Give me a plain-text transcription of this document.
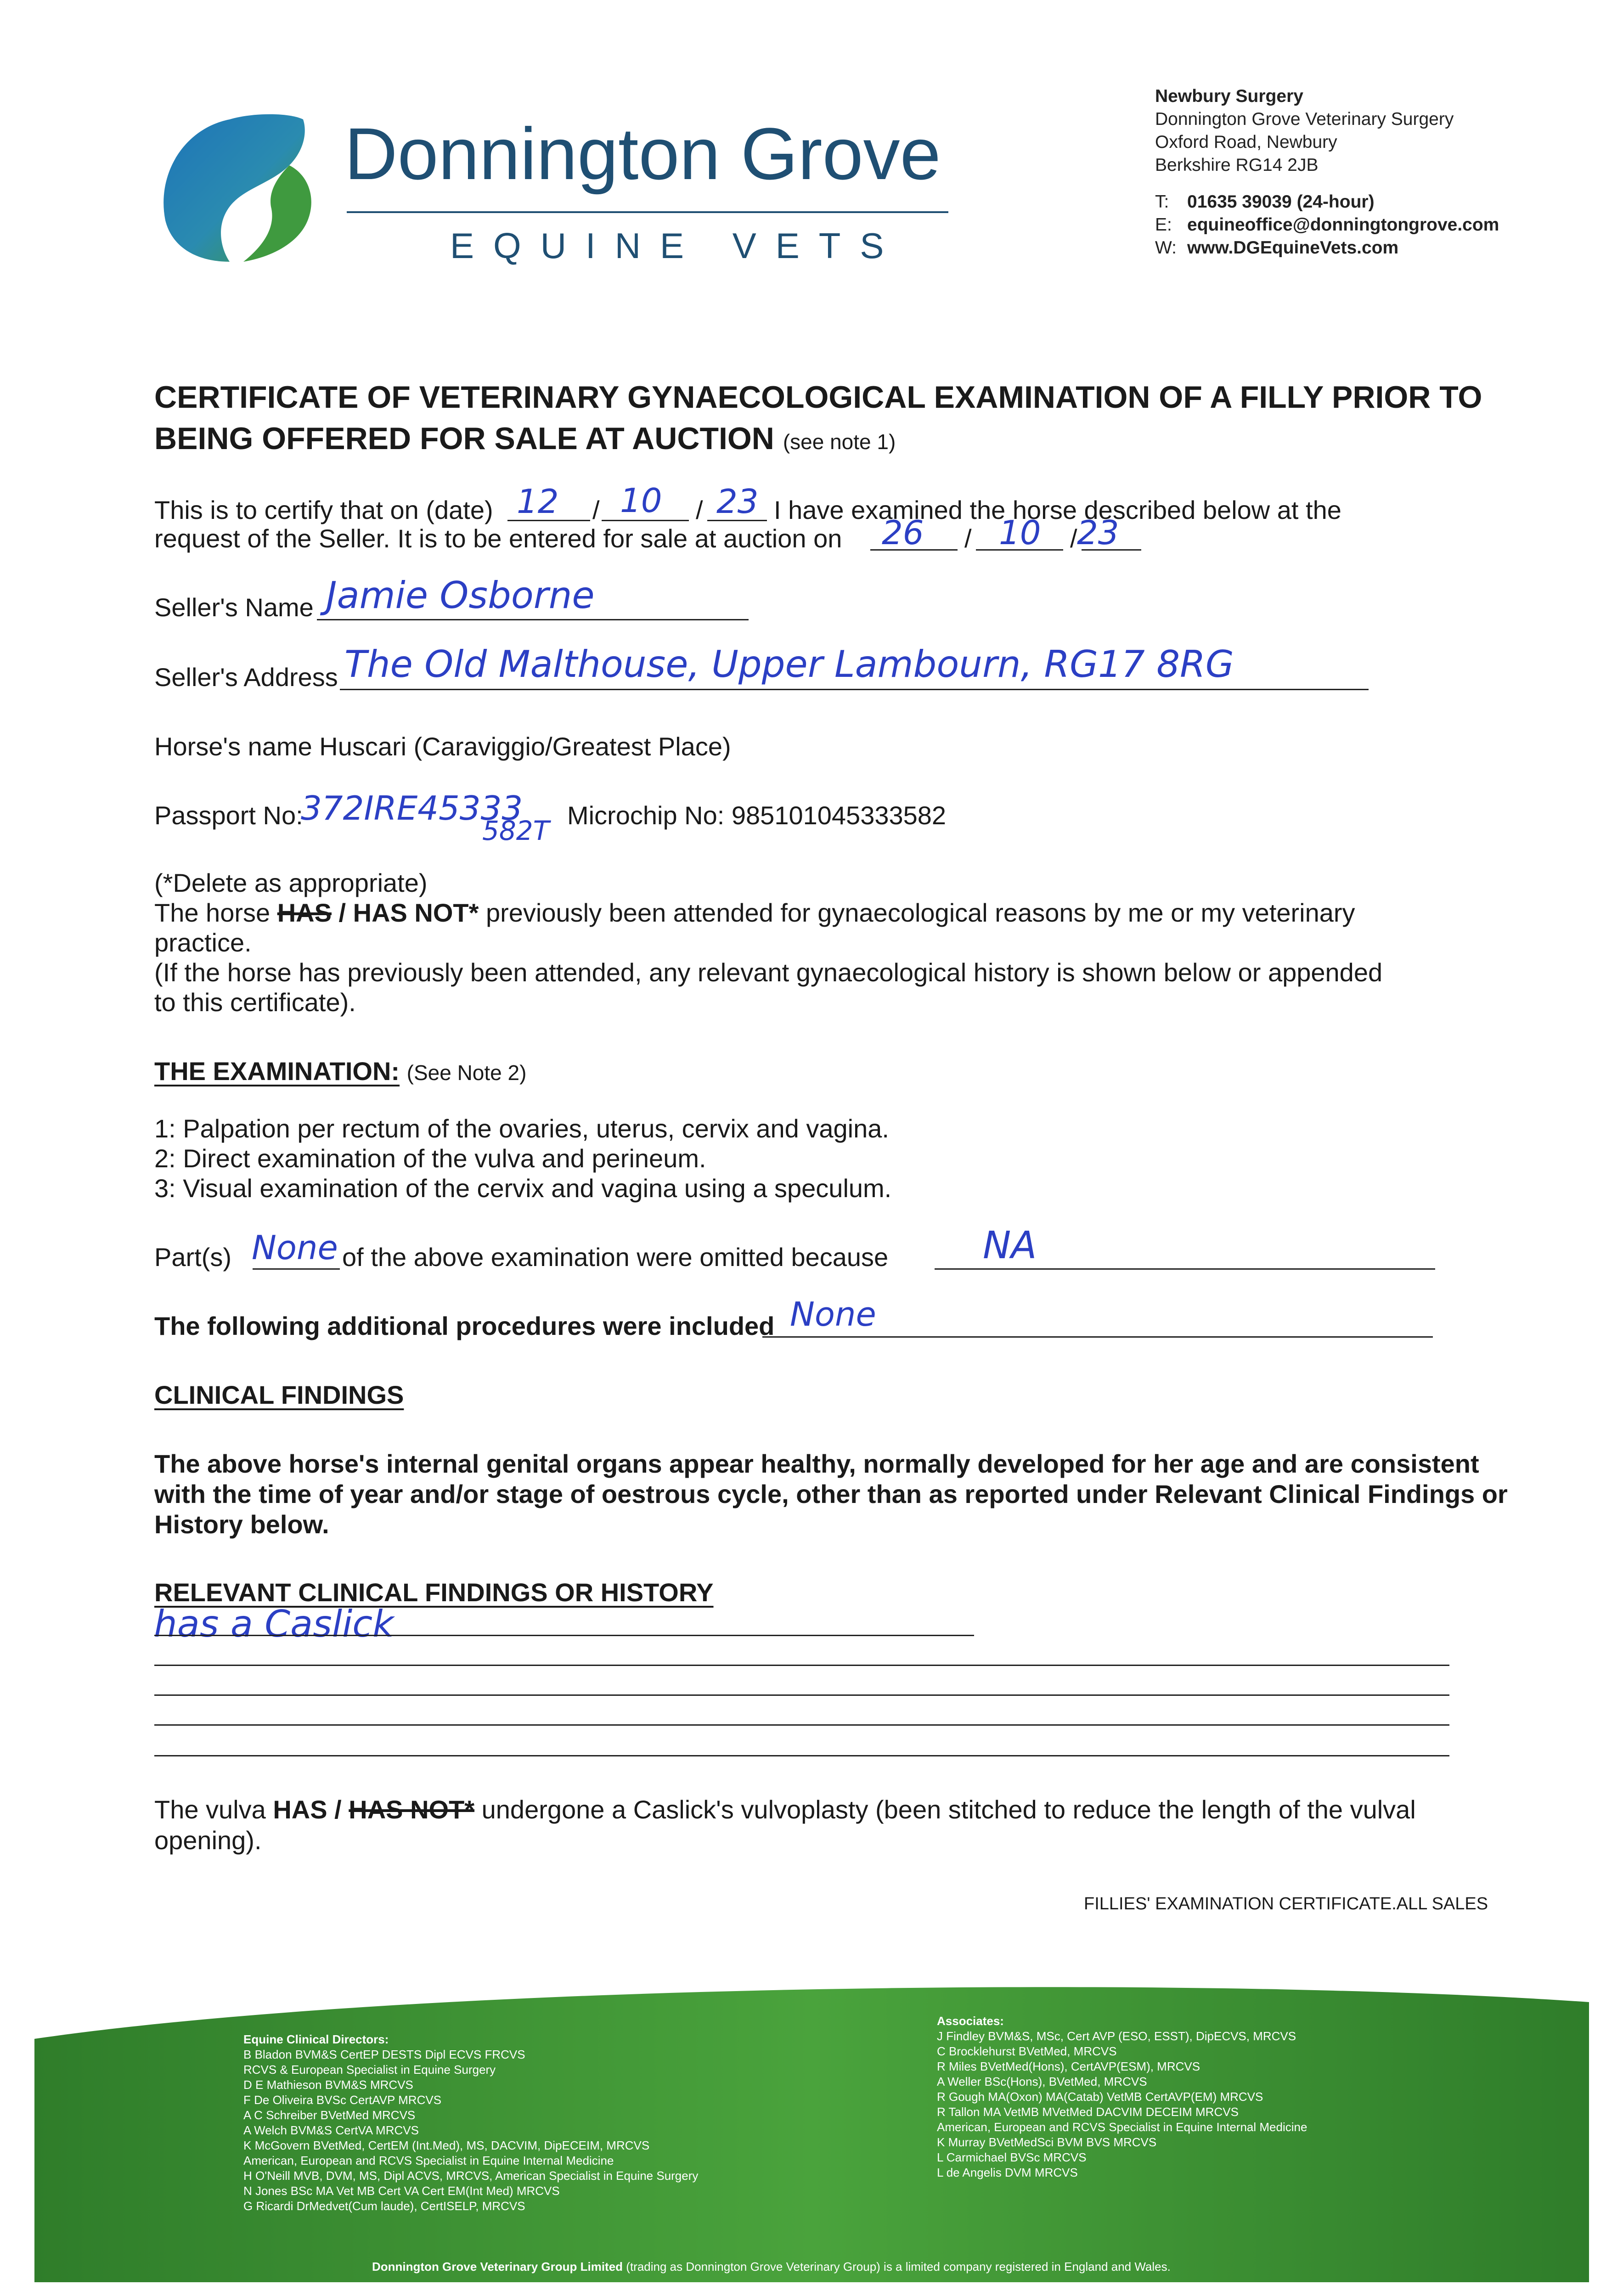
Donnington Grove
EQUINE VETS
Newbury Surgery
Donnington Grove Veterinary Surgery
Oxford Road, Newbury
Berkshire RG14 2JB
T: 01635 39039 (24-hour)
E: equineoffice@donningtongrove.com
W: www.DGEquineVets.com
CERTIFICATE OF VETERINARY GYNAECOLOGICAL EXAMINATION OF A FILLY PRIOR TO
BEING OFFERED FOR SALE AT AUCTION (see note 1)
This is to certify that on (date) 12 / 10 / 23 I have examined the horse described below at the
request of the Seller. It is to be entered for sale at auction on 26 / 10 / 23
Seller's Name Jamie Osborne
Seller's Address The Old Malthouse, Upper Lambourn, RG17 8RG
Horse's name Huscari (Caraviggio/Greatest Place)
Passport No:
372IRE45333
582T Microchip No: 985101045333582
(*Delete as appropriate)
The horse HAS / HAS NOT* previously been attended for gynaecological reasons by me or my veterinary
practice.
(If the horse has previously been attended, any relevant gynaecological history is shown below or appended
to this certificate).
THE EXAMINATION: (See Note 2)
1: Palpation per rectum of the ovaries, uterus, cervix and vagina.
2: Direct examination of the vulva and perineum.
3: Visual examination of the cervix and vagina using a speculum.
Part(s) None of the above examination were omitted because	NA
The following additional procedures were included None
CLINICAL FINDINGS
The above horse's internal genital organs appear healthy, normally developed for her age and are consistent
with the time of year and/or stage of oestrous cycle, other than as reported under Relevant Clinical Findings or
History below.
RELEVANT CLINICAL FINDINGS OR HISTORY
has a Caslick
The vulva HAS / HAS NOT* undergone a Caslick's vulvoplasty (been stitched to reduce the length of the vulval
opening).
FILLIES' EXAMINATION CERTIFICATE.ALL SALES
Equine Clinical Directors:
B Bladon BVM&S CertEP DESTS Dipl ECVS FRCVS
RCVS & European Specialist in Equine Surgery
D E Mathieson BVM&S MRCVS
F De Oliveira BVSc CertAVP MRCVS
A C Schreiber BVetMed MRCVS
A Welch BVM&S CertVA MRCVS
K McGovern BVetMed, CertEM (Int.Med), MS, DACVIM, DipECEIM, MRCVS
American, European and RCVS Specialist in Equine Internal Medicine
H O'Neill MVB, DVM, MS, Dipl ACVS, MRCVS, American Specialist in Equine Surgery
N Jones BSc MA Vet MB Cert VA Cert EM(Int Med) MRCVS
G Ricardi DrMedvet(Cum laude), CertISELP, MRCVS
Associates:
J Findley BVM&S, MSc, Cert AVP (ESO, ESST), DipECVS, MRCVS
C Brocklehurst BVetMed, MRCVS
R Miles BVetMed(Hons), CertAVP(ESM), MRCVS
A Weller BSc(Hons), BVetMed, MRCVS
R Gough MA(Oxon) MA(Catab) VetMB CertAVP(EM) MRCVS
R Tallon MA VetMB MVetMed DACVIM DECEIM MRCVS
American, European and RCVS Specialist in Equine Internal Medicine
K Murray BVetMedSci BVM BVS MRCVS
L Carmichael BVSc MRCVS
L de Angelis DVM MRCVS
Donnington Grove Veterinary Group Limited (trading as Donnington Grove Veterinary Group) is a limited company registered in England and Wales.
